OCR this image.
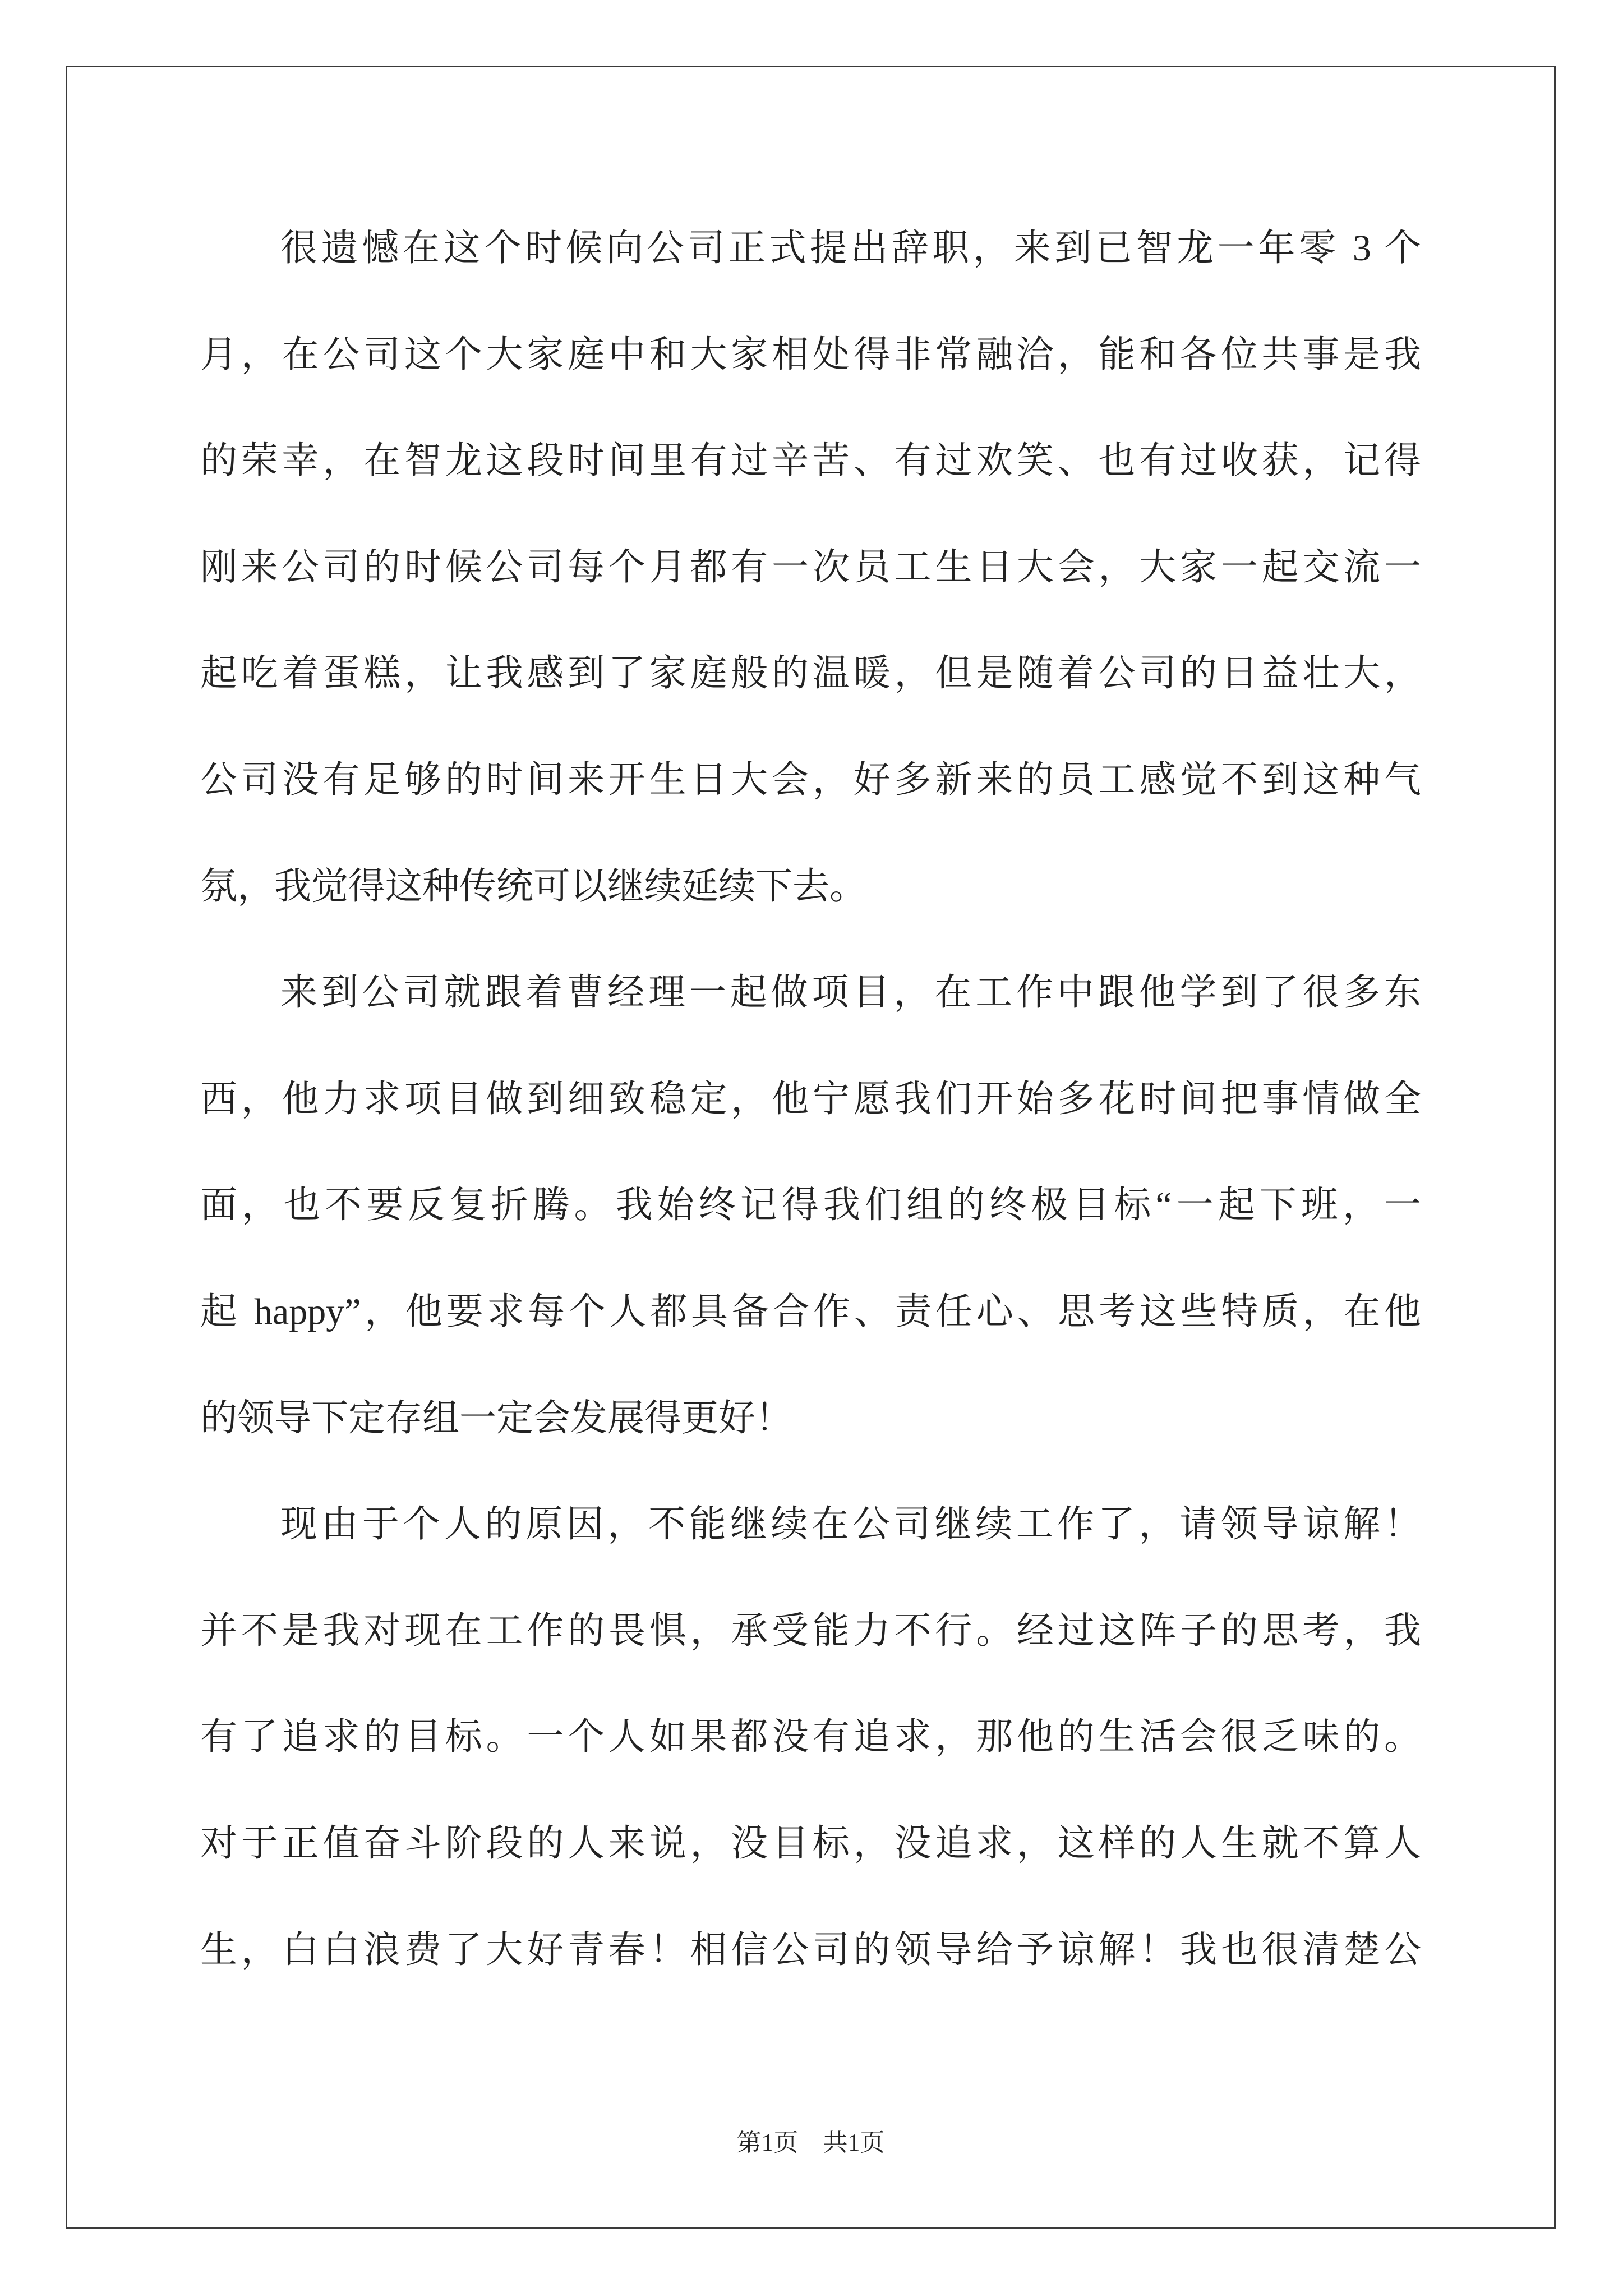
很遗憾在这个时候向公司正式提出辞职，来到已智龙一年零 3 个
月，在公司这个大家庭中和大家相处得非常融洽，能和各位共事是我
的荣幸，在智龙这段时间里有过辛苦、有过欢笑、也有过收获，记得
刚来公司的时候公司每个月都有一次员工生日大会，大家一起交流一
起吃着蛋糕，让我感到了家庭般的温暖，但是随着公司的日益壮大，
公司没有足够的时间来开生日大会，好多新来的员工感觉不到这种气
氛，我觉得这种传统可以继续延续下去。
来到公司就跟着曹经理一起做项目，在工作中跟他学到了很多东
西，他力求项目做到细致稳定，他宁愿我们开始多花时间把事情做全
面，也不要反复折腾。我始终记得我们组的终极目标“一起下班，一
起 happy”，他要求每个人都具备合作、责任心、思考这些特质，在他
的领导下定存组一定会发展得更好！
现由于个人的原因，不能继续在公司继续工作了，请领导谅解！
并不是我对现在工作的畏惧，承受能力不行。经过这阵子的思考，我
有了追求的目标。一个人如果都没有追求，那他的生活会很乏味的。
对于正值奋斗阶段的人来说，没目标，没追求，这样的人生就不算人
生，白白浪费了大好青春！相信公司的领导给予谅解！我也很清楚公
第1页　共1页
